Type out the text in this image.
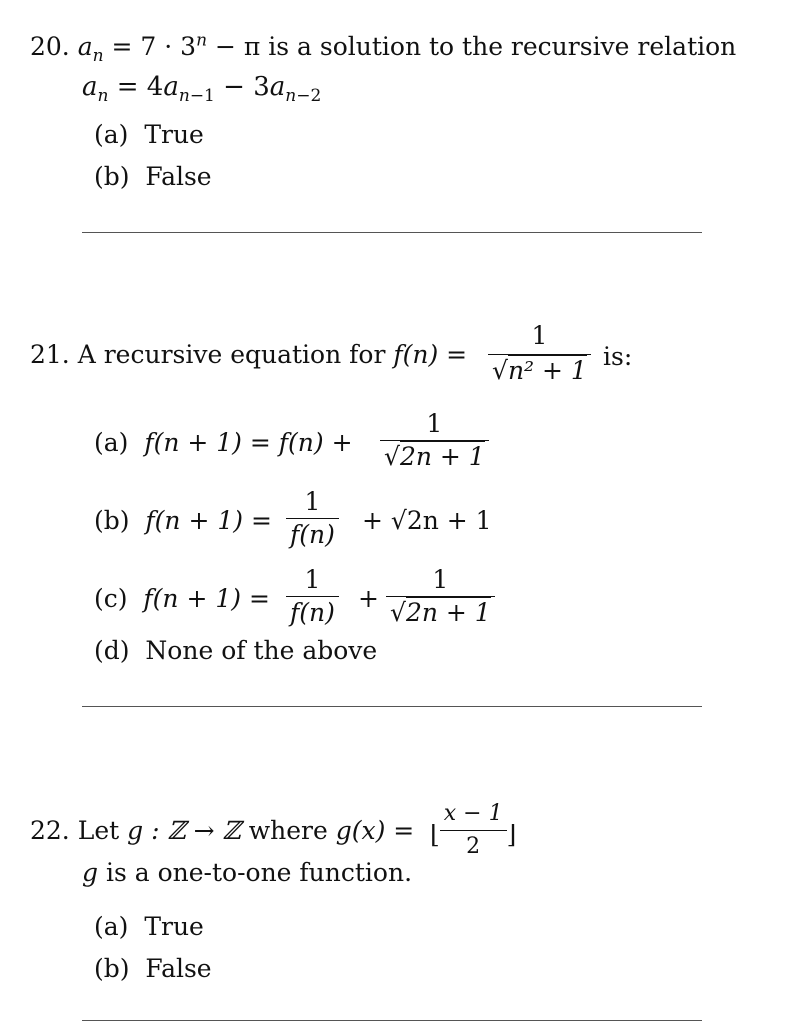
20. $a_n = 7 \cdot 3^n - \pi$ is a solution to the recursive relation
$a_n = 4a_{n-1} - 3a_{n-2}$
(a) True
(b) False
21. A recursive equation for $f(n) = \frac{1}{\text{√n² + 1}}$ is:
(a) $f(n + 1) = f(n) + \frac{1}{√2n + 1}$
(b) $f(n + 1) = \frac{1}{f(n)} + √2n + 1$
(c) $f(n + 1) = \frac{1}{f(n)} + \frac{1}{√2n + 1}$
(d) None of the above
22. Let g : ℤ → ℤ where g(x) = ⌊ $\frac{x - 1}{2}$ ⌋
g is a one-to-one function.
(a) True
(b) False
